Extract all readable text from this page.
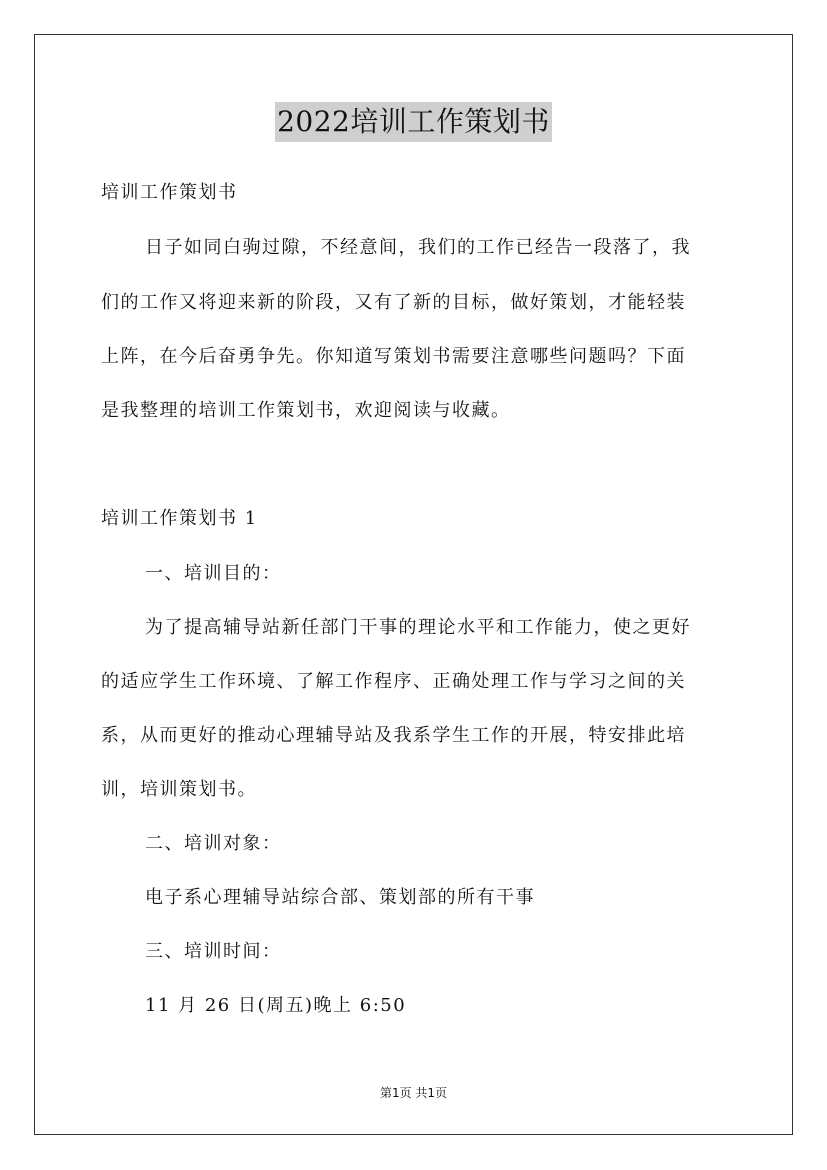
2022培训工作策划书

培训工作策划书

日子如同白驹过隙，不经意间，我们的工作已经告一段落了，我

们的工作又将迎来新的阶段，又有了新的目标，做好策划，才能轻装

上阵，在今后奋勇争先。你知道写策划书需要注意哪些问题吗？下面

是我整理的培训工作策划书，欢迎阅读与收藏。

培训工作策划书 1

一、培训目的：

为了提高辅导站新任部门干事的理论水平和工作能力，使之更好

的适应学生工作环境、了解工作程序、正确处理工作与学习之间的关

系，从而更好的推动心理辅导站及我系学生工作的开展，特安排此培

训，培训策划书。

二、培训对象：

电子系心理辅导站综合部、策划部的所有干事

三、培训时间：

11 月 26 日(周五)晚上 6:50

第1页 共1页
